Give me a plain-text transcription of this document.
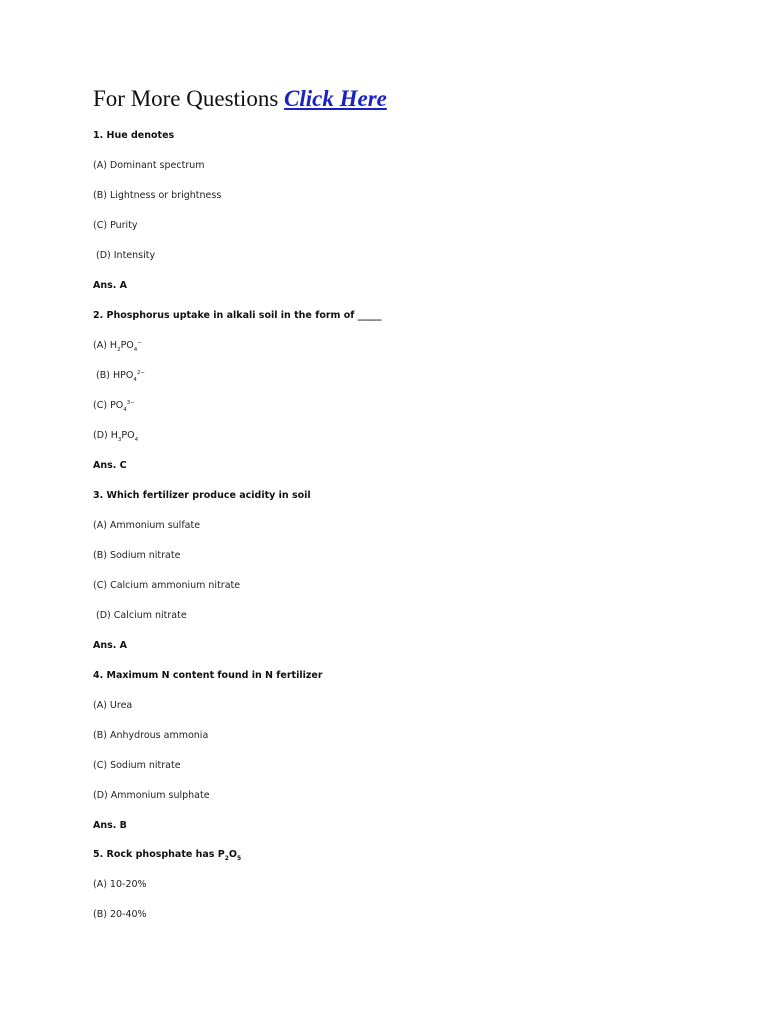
For More Questions Click Here
1. Hue denotes
(A) Dominant spectrum
(B) Lightness or brightness
(C) Purity
(D) Intensity
Ans. A
2. Phosphorus uptake in alkali soil in the form of _____
(A) $H_2PO_4^-$
(B) $HPO_4^{2-}$
(C) $PO_4^{3-}$
(D) $H_3PO_4$
Ans. C
3. Which fertilizer produce acidity in soil
(A) Ammonium sulfate
(B) Sodium nitrate
(C) Calcium ammonium nitrate
(D) Calcium nitrate
Ans. A
4. Maximum N content found in N fertilizer
(A) Urea
(B) Anhydrous ammonia
(C) Sodium nitrate
(D) Ammonium sulphate
Ans. B
5. Rock phosphate has $P_2O_5$
(A) 10-20%
(B) 20-40%
